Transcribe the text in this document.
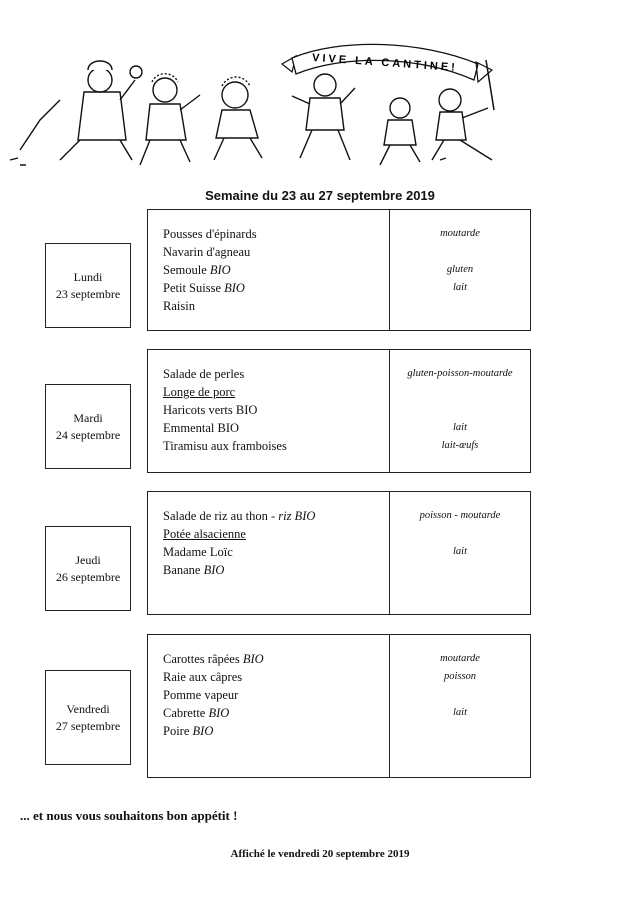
VIVE LA CANTINE!
Semaine du 23 au 27 septembre 2019
Lundi
23 septembre
Pousses d'épinards
Navarin d'agneau
Semoule BIO
Petit Suisse BIO
Raisin
moutarde
gluten
lait
Mardi
24 septembre
Salade de perles
Longe de porc
Haricots verts BIO
Emmental BIO
Tiramisu aux framboises
gluten-poisson-moutarde
lait
lait-œufs
Jeudi
26 septembre
Salade de riz au thon - riz BIO
Potée alsacienne
Madame Loïc
Banane BIO
poisson - moutarde
lait
Vendredi
27 septembre
Carottes râpées BIO
Raie aux câpres
Pomme vapeur
Cabrette BIO
Poire BIO
moutarde
poisson
lait
... et nous vous souhaitons bon appétit !
Affiché le vendredi 20 septembre 2019
